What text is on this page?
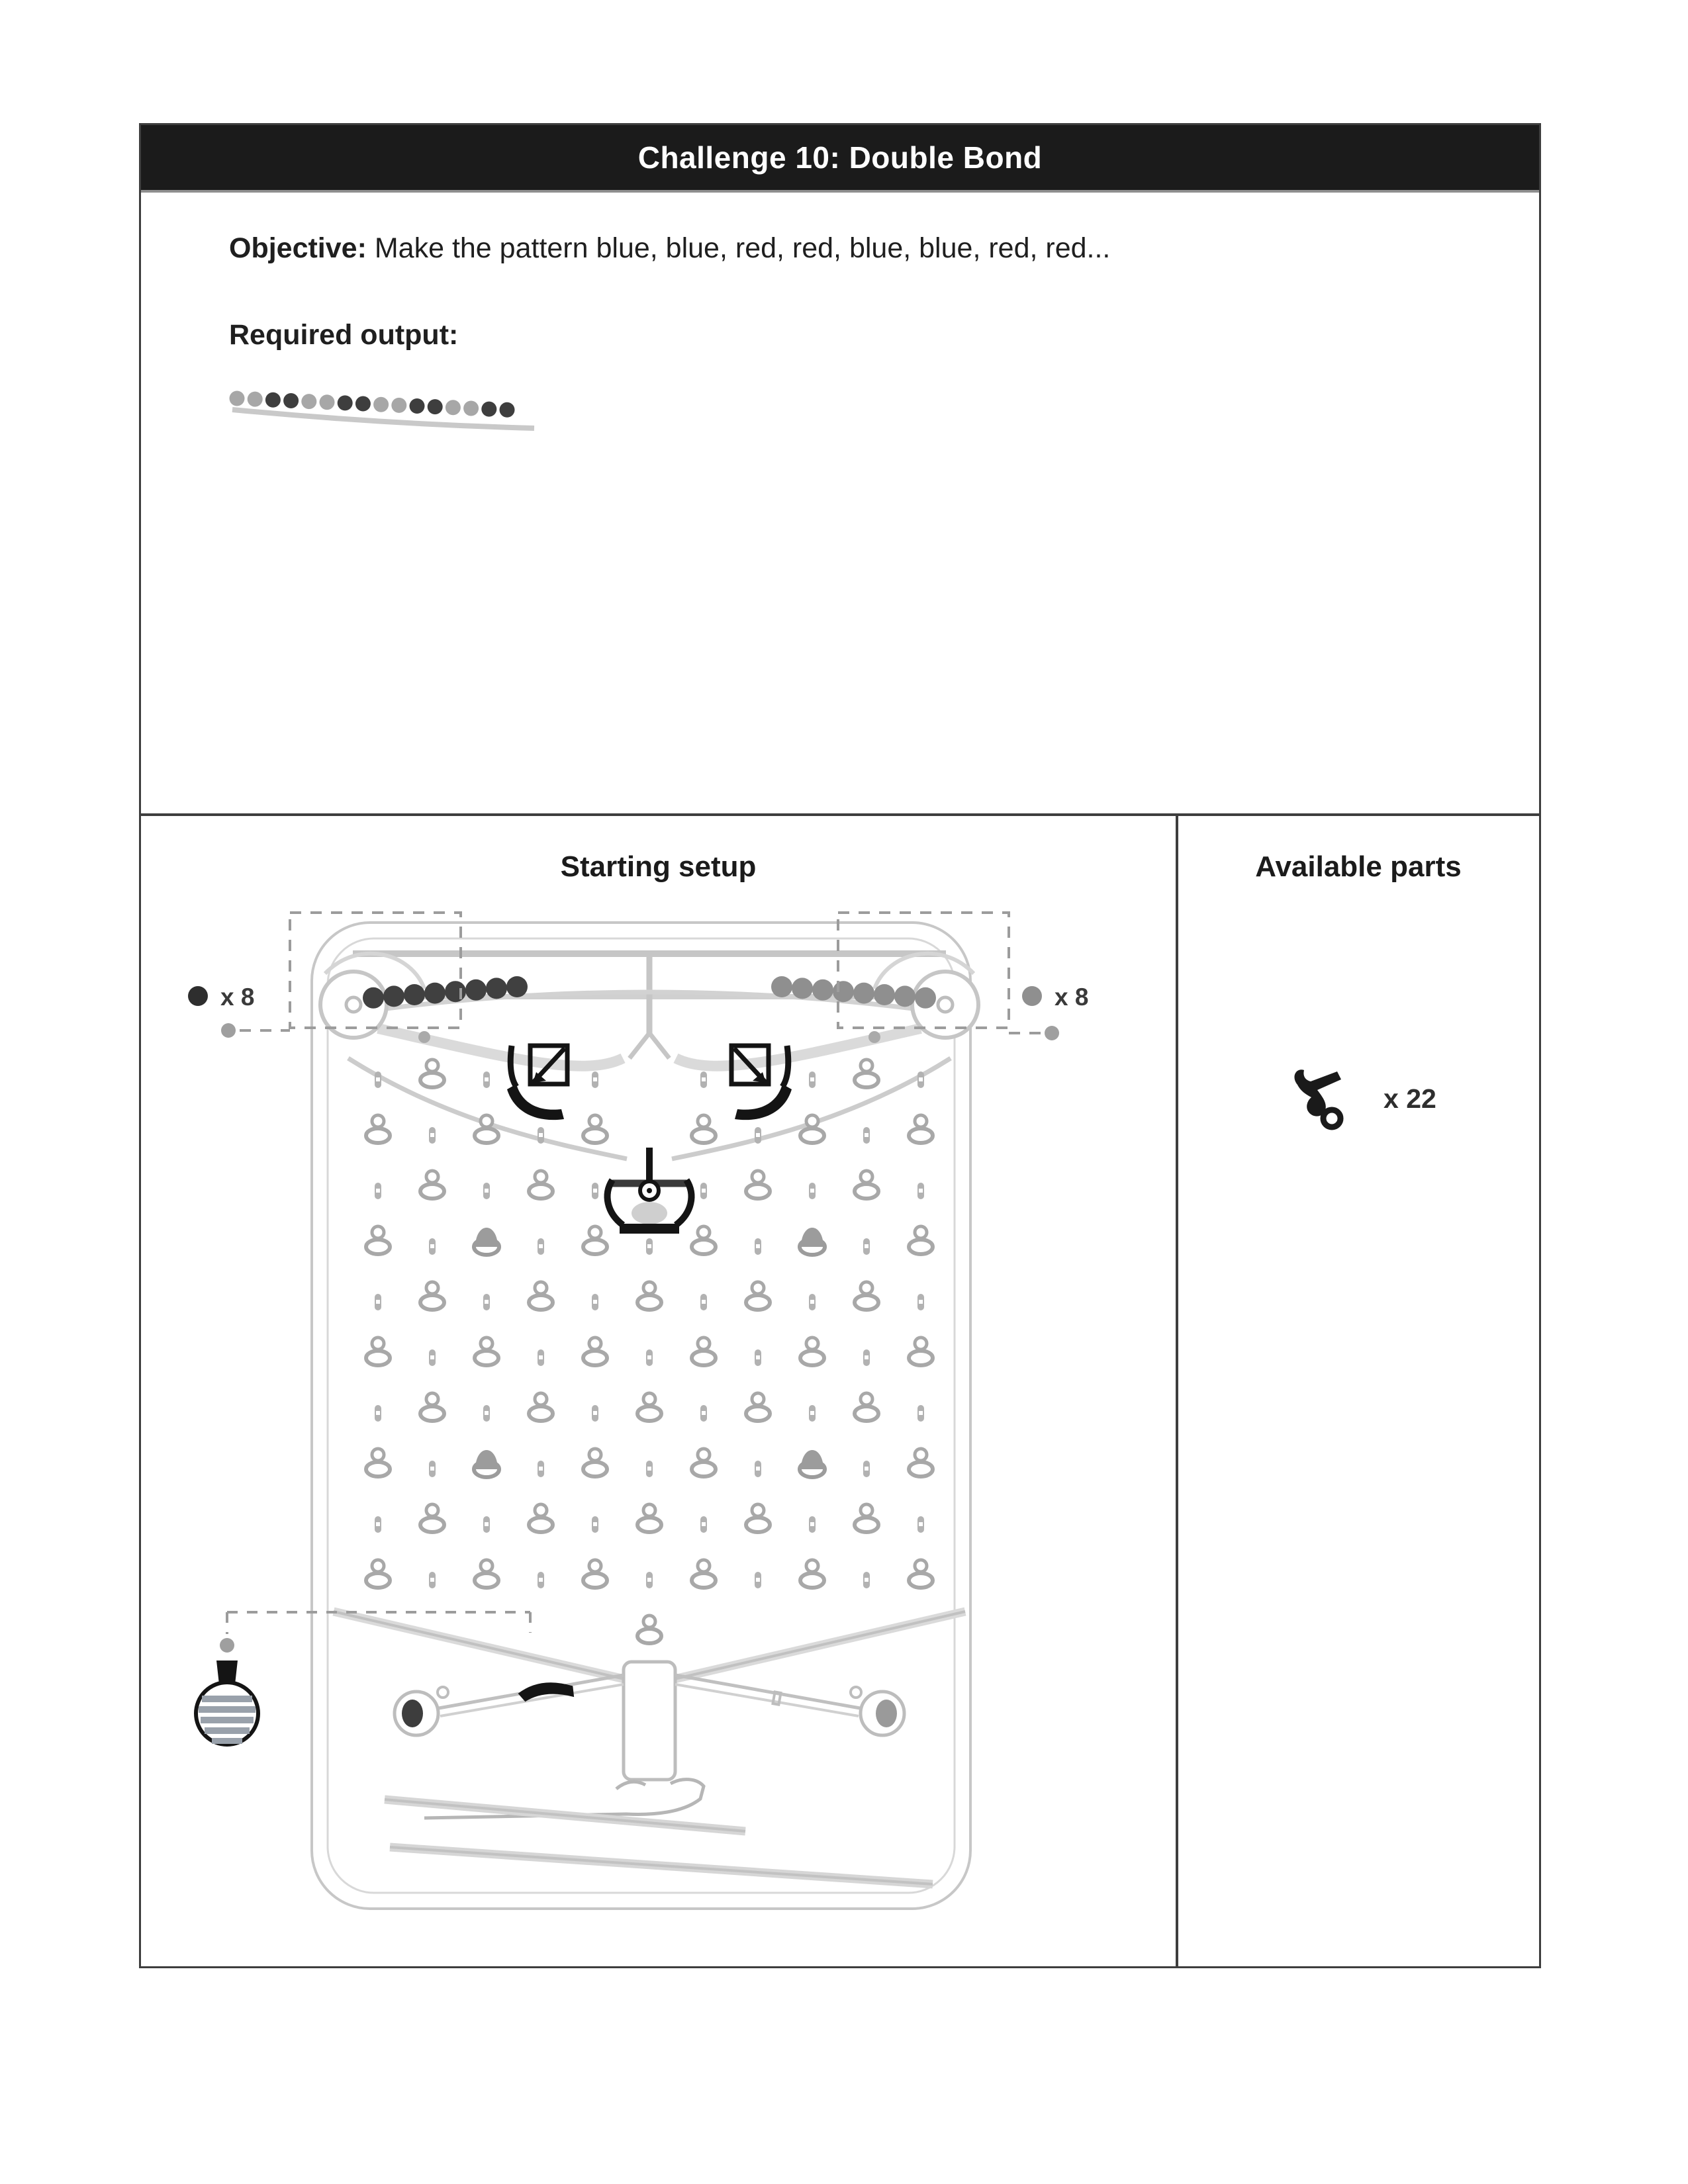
Challenge 10: Double Bond
Objective: Make the pattern blue, blue, red, red, blue, blue, red, red...
Required output:
Starting setup
x 8	x 8
Available parts
x 22
